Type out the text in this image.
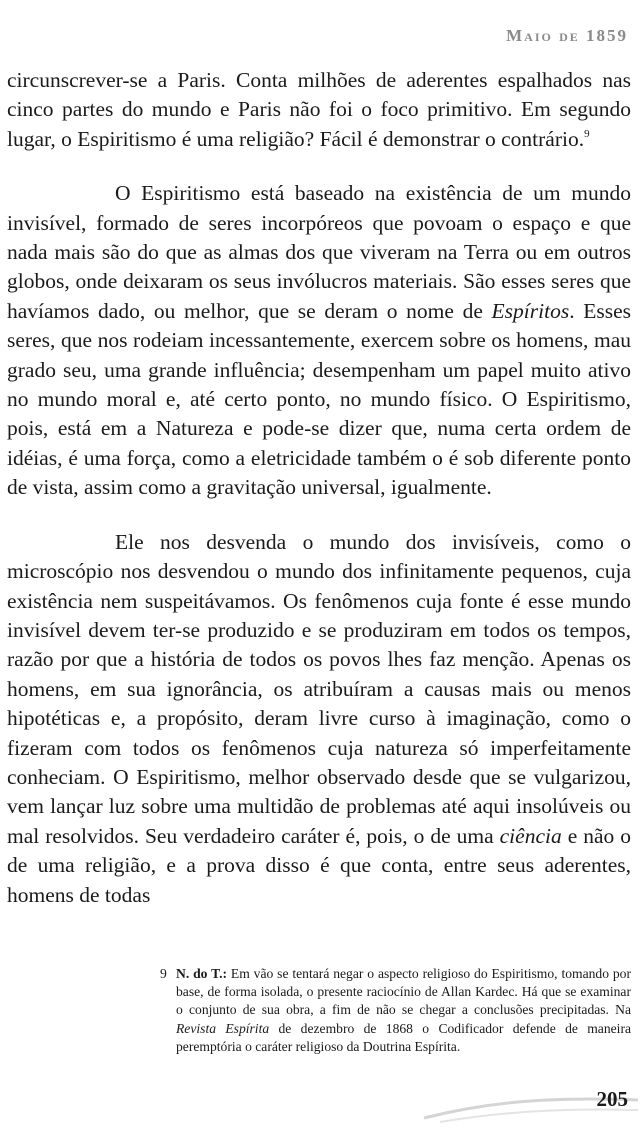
Maio de 1859

circunscrever-se a Paris. Conta milhões de aderentes espalhados nas cinco partes do mundo e Paris não foi o foco primitivo. Em segundo lugar, o Espiritismo é uma religião? Fácil é demonstrar o contrário.$^9$

O Espiritismo está baseado na existência de um mundo invisível, formado de seres incorpóreos que povoam o espaço e que nada mais são do que as almas dos que viveram na Terra ou em outros globos, onde deixaram os seus invólucros materiais. São esses seres que havíamos dado, ou melhor, que se deram o nome de Espíritos. Esses seres, que nos rodeiam incessantemente, exercem sobre os homens, mau grado seu, uma grande influência; desempenham um papel muito ativo no mundo moral e, até certo ponto, no mundo físico. O Espiritismo, pois, está em a Natureza e pode-se dizer que, numa certa ordem de idéias, é uma força, como a eletricidade também o é sob diferente ponto de vista, assim como a gravitação universal, igualmente.

Ele nos desvenda o mundo dos invisíveis, como o microscópio nos desvendou o mundo dos infinitamente pequenos, cuja existência nem suspeitávamos. Os fenômenos cuja fonte é esse mundo invisível devem ter-se produzido e se produziram em todos os tempos, razão por que a história de todos os povos lhes faz menção. Apenas os homens, em sua ignorância, os atribuíram a causas mais ou menos hipotéticas e, a propósito, deram livre curso à imaginação, como o fizeram com todos os fenômenos cuja natureza só imperfeitamente conheciam. O Espiritismo, melhor observado desde que se vulgarizou, vem lançar luz sobre uma multidão de problemas até aqui insolúveis ou mal resolvidos. Seu verdadeiro caráter é, pois, o de uma ciência e não o de uma religião, e a prova disso é que conta, entre seus aderentes, homens de todas

9 N. do T.: Em vão se tentará negar o aspecto religioso do Espiritismo, tomando por base, de forma isolada, o presente raciocínio de Allan Kardec. Há que se examinar o conjunto de sua obra, a fim de não se chegar a conclusões precipitadas. Na Revista Espírita de dezembro de 1868 o Codificador defende de maneira peremptória o caráter religioso da Doutrina Espírita.
205
